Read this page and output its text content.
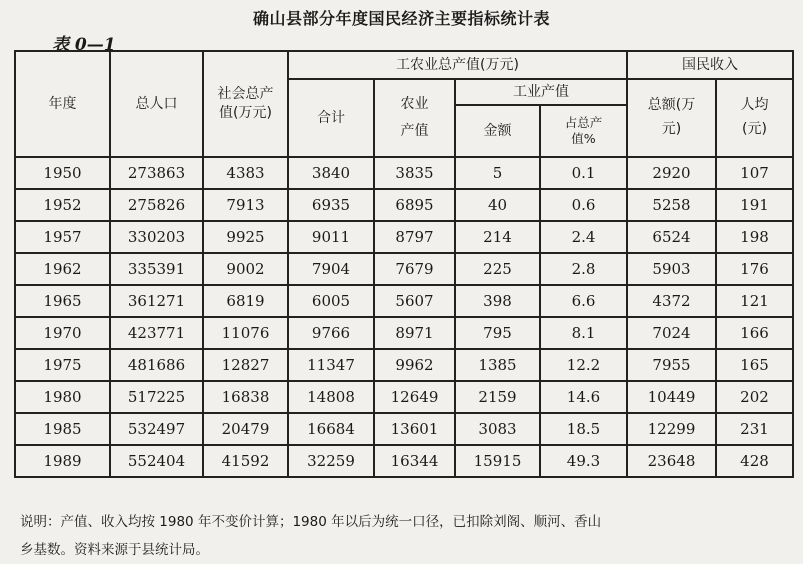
确山县部分年度国民经济主要指标统计表
表 0—1
年度	总人口	社会总产值(万元)	工农业总产值(万元)				国民收入	
			合计	农业产值	工业产值		总额(万元)	人均(元)

					金额	占总产值%		

1950	273863	4383	3840	3835	5	0.1	2920	107
1952	275826	7913	6935	6895	40	0.6	5258	191
1957	330203	9925	9011	8797	214	2.4	6524	198
1962	335391	9002	7904	7679	225	2.8	5903	176
1965	361271	6819	6005	5607	398	6.6	4372	121
1970	423771	11076	9766	8971	795	8.1	7024	166
1975	481686	12827	11347	9962	1385	12.2	7955	165
1980	517225	16838	14808	12649	2159	14.6	10449	202
1985	532497	20479	16684	13601	3083	18.5	12299	231
1989	552404	41592	32259	16344	15915	49.3	23648	428
说明：产值、收入均按 1980 年不变价计算；1980 年以后为统一口径，已扣除刘阁、顺河、香山
乡基数。资料来源于县统计局。
